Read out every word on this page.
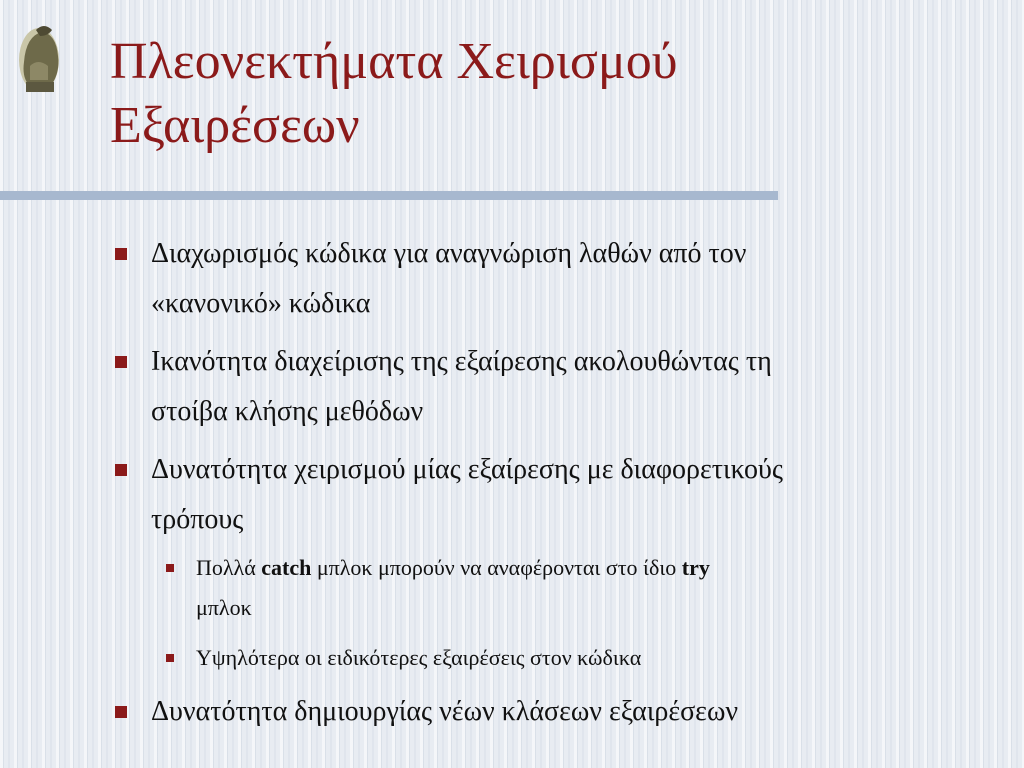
Πλεονεκτήματα Χειρισμού
Εξαιρέσεων
Διαχωρισμός κώδικα για αναγνώριση λαθών από τον
«κανονικό» κώδικα
Ικανότητα διαχείρισης της εξαίρεσης ακολουθώντας τη
στοίβα κλήσης μεθόδων
Δυνατότητα χειρισμού μίας εξαίρεσης με διαφορετικούς
τρόπους
Πολλά catch μπλοκ μπορούν να αναφέρονται στο ίδιο try
μπλοκ
Υψηλότερα οι ειδικότερες εξαιρέσεις στον κώδικα
Δυνατότητα δημιουργίας νέων κλάσεων εξαιρέσεων
